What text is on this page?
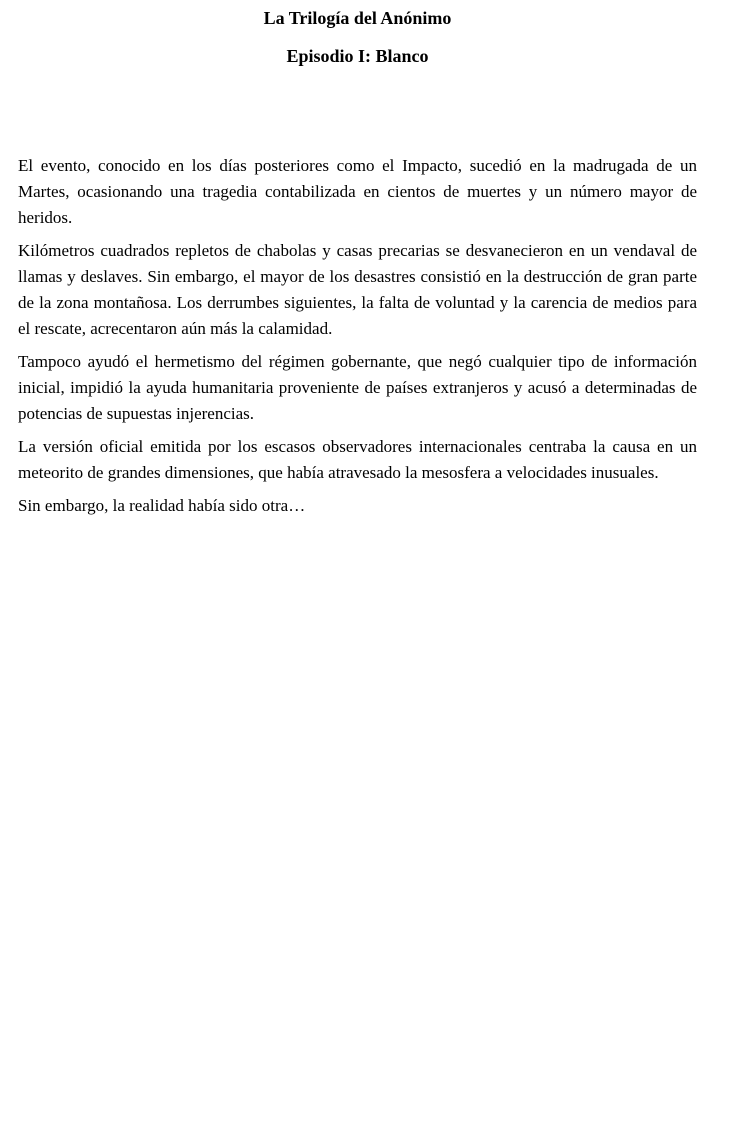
La Trilogía del Anónimo
Episodio I: Blanco

El evento, conocido en los días posteriores como el Impacto, sucedió en la madrugada de un Martes, ocasionando una tragedia contabilizada en cientos de muertes y un número mayor de heridos.

Kilómetros cuadrados repletos de chabolas y casas precarias se desvanecieron en un vendaval de llamas y deslaves. Sin embargo, el mayor de los desastres consistió en la destrucción de gran parte de la zona montañosa. Los derrumbes siguientes, la falta de voluntad y la carencia de medios para el rescate, acrecentaron aún más la calamidad.

Tampoco ayudó el hermetismo del régimen gobernante, que negó cualquier tipo de información inicial, impidió la ayuda humanitaria proveniente de países extranjeros y acusó a determinadas de potencias de supuestas injerencias.

La versión oficial emitida por los escasos observadores internacionales centraba la causa en un meteorito de grandes dimensiones, que había atravesado la mesosfera a velocidades inusuales.

Sin embargo, la realidad había sido otra…
